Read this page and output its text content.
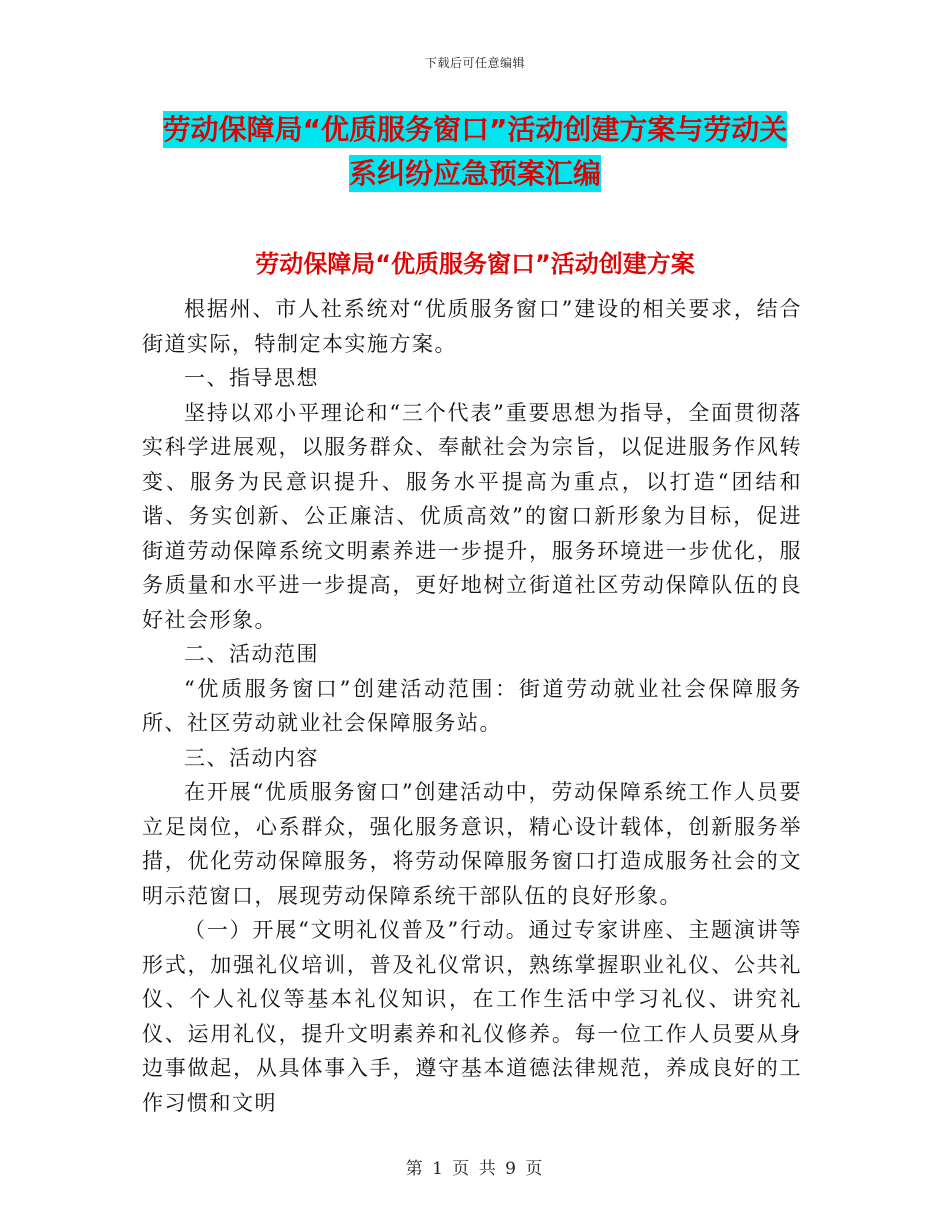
下载后可任意编辑
劳动保障局“优质服务窗口”活动创建方案与劳动关
系纠纷应急预案汇编
劳动保障局“优质服务窗口”活动创建方案

根据州、市人社系统对“优质服务窗口”建设的相关要求，结合街道实际，特制定本实施方案。

一、指导思想

坚持以邓小平理论和“三个代表”重要思想为指导，全面贯彻落实科学进展观，以服务群众、奉献社会为宗旨，以促进服务作风转变、服务为民意识提升、服务水平提高为重点，以打造“团结和谐、务实创新、公正廉洁、优质高效”的窗口新形象为目标，促进街道劳动保障系统文明素养进一步提升，服务环境进一步优化，服务质量和水平进一步提高，更好地树立街道社区劳动保障队伍的良好社会形象。

二、活动范围

“优质服务窗口”创建活动范围：街道劳动就业社会保障服务所、社区劳动就业社会保障服务站。

三、活动内容

在开展“优质服务窗口”创建活动中，劳动保障系统工作人员要立足岗位，心系群众，强化服务意识，精心设计载体，创新服务举措，优化劳动保障服务，将劳动保障服务窗口打造成服务社会的文明示范窗口，展现劳动保障系统干部队伍的良好形象。

（一）开展“文明礼仪普及”行动。通过专家讲座、主题演讲等形式，加强礼仪培训，普及礼仪常识，熟练掌握职业礼仪、公共礼仪、个人礼仪等基本礼仪知识，在工作生活中学习礼仪、讲究礼仪、运用礼仪，提升文明素养和礼仪修养。每一位工作人员要从身边事做起，从具体事入手，遵守基本道德法律规范，养成良好的工作习惯和文明

第 1 页 共 9 页
